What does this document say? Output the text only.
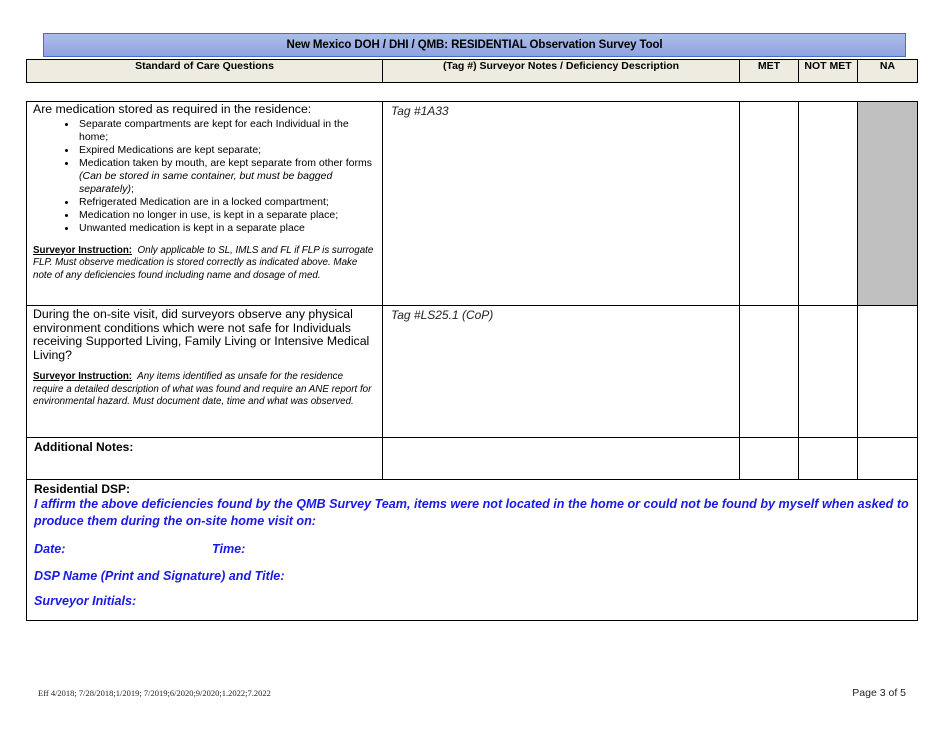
New Mexico DOH / DHI / QMB: RESIDENTIAL Observation Survey Tool
Standard of Care Questions	(Tag #) Surveyor Notes / Deficiency Description	MET	NOT MET	NA
Are medication stored as required in the residence:
• Separate compartments are kept for each Individual in the home;
• Expired Medications are kept separate;
• Medication taken by mouth, are kept separate from other forms (Can be stored in same container, but must be bagged separately);
• Refrigerated Medication are in a locked compartment;
• Medication no longer in use, is kept in a separate place;
• Unwanted medication is kept in a separate place
Surveyor Instruction: Only applicable to SL, IMLS and FL if FLP is surrogate FLP. Must observe medication is stored correctly as indicated above. Make note of any deficiencies found including name and dosage of med.
	Tag #1A33			

During the on-site visit, did surveyors observe any physical environment conditions which were not safe for Individuals receiving Supported Living, Family Living or Intensive Medical Living?
Surveyor Instruction: Any items identified as unsafe for the residence require a detailed description of what was found and require an ANE report for environmental hazard. Must document date, time and what was observed.	Tag #LS25.1 (CoP)			
Additional Notes:				

Residential DSP:
I affirm the above deficiencies found by the QMB Survey Team, items were not located in the home or could not be found by myself when asked to produce them during the on-site home visit on:
Date: Time:
DSP Name (Print and Signature) and Title:
Surveyor Initials:				
Eff 4/2018; 7/28/2018;1/2019; 7/2019;6/2020;9/2020;1.2022;7.2022	Page 3 of 5
